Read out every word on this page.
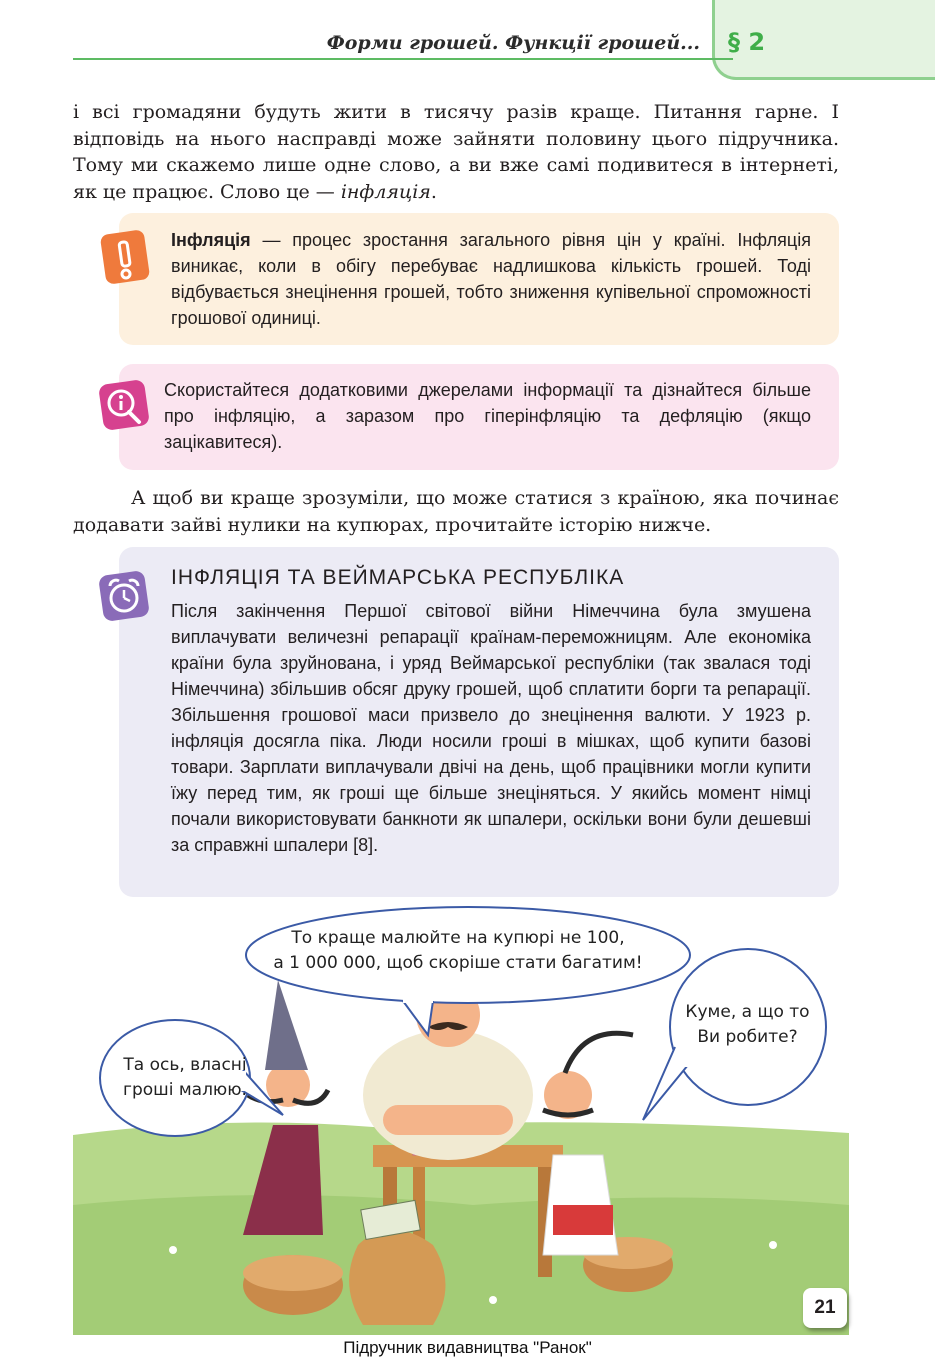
§ 2
Форми грошей. Функції грошей...
і всі громадяни будуть жити в тисячу разів краще. Питання гарне. І відповідь на нього насправді може зайняти половину цього підручника. Тому ми скажемо лише одне слово, а ви вже самі подивитеся в інтернеті, як це працює. Слово це — інфляція.
Інфляція — процес зростання загального рівня цін у країні. Інфляція виникає, коли в обігу перебуває надлишкова кількість грошей. Тоді відбувається знецінення грошей, тобто зниження купівельної спроможності грошової одиниці.
Скористайтеся додатковими джерелами інформації та дізнайтеся більше про інфляцію, а заразом про гіперінфляцію та дефляцію (якщо зацікавитеся).
А щоб ви краще зрозуміли, що може статися з країною, яка починає додавати зайві нулики на купюрах, прочитайте історію нижче.
ІНФЛЯЦІЯ ТА ВЕЙМАРСЬКА РЕСПУБЛІКА
Після закінчення Першої світової війни Німеччина була змушена виплачувати величезні репарації країнам-переможницям. Але економіка країни була зруйнована, і уряд Веймарської республіки (так звалася тоді Німеччина) збільшив обсяг друку грошей, щоб сплатити борги та репарації. Збільшення грошової маси призвело до знецінення валюти. У 1923 р. інфляція досягла піка. Люди носили гроші в мішках, щоб купити базові товари. Зарплати виплачували двічі на день, щоб працівники могли купити їжу перед тим, як гроші ще більше знеціняться. У якийсь момент німці почали використовувати банкноти як шпалери, оскільки вони були дешевші за справжні шпалери [8].
То краще малюйте на купюрі не 100,
а 1 000 000, щоб скоріше стати багатим!
Та ось, власні
гроші малюю.
Куме, а що то
Ви робите?
21
Підручник видавництва "Ранок"
